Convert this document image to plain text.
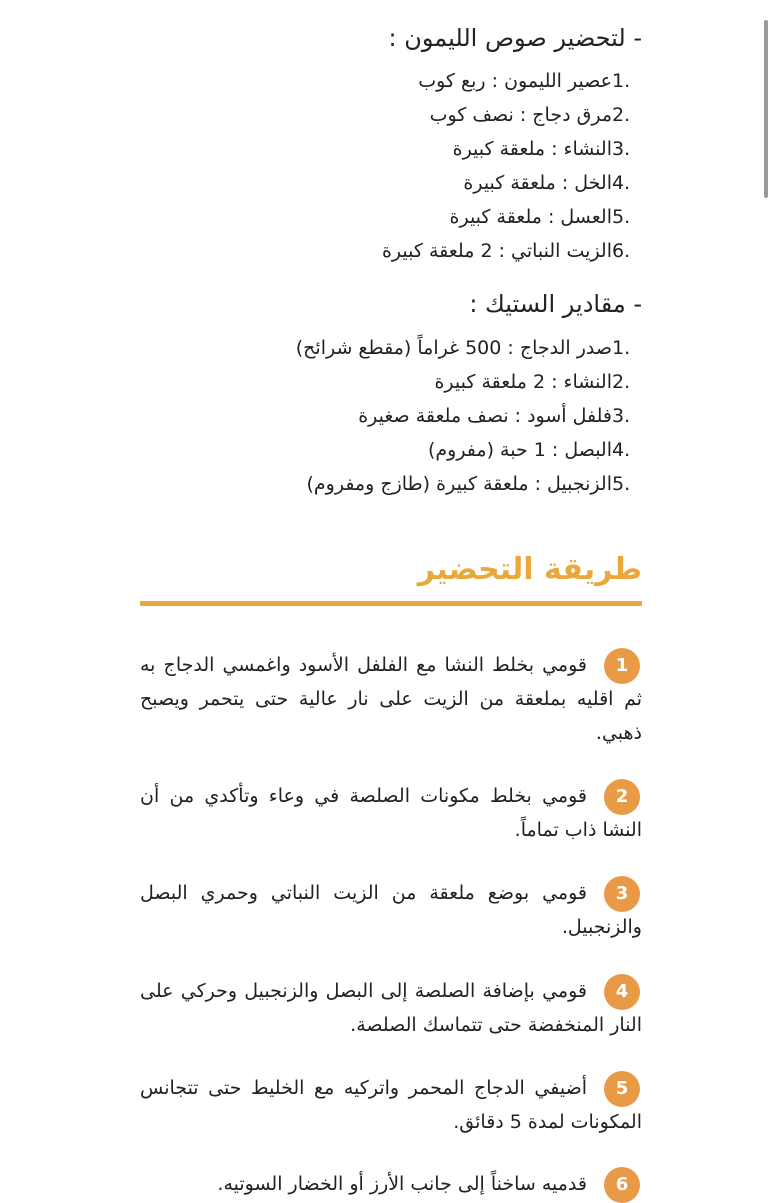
- لتحضير صوص الليمون :
1.
عصير الليمون : ربع كوب
2.
مرق دجاج : نصف كوب
3.
النشاء : ملعقة كبيرة
4.
الخل : ملعقة كبيرة
5.
العسل : ملعقة كبيرة
6.
الزيت النباتي : 2 ملعقة كبيرة
- مقادير الستيك :
1.
صدر الدجاج : 500 غراماً (مقطع شرائح)
2.
النشاء : 2 ملعقة كبيرة
3.
فلفل أسود : نصف ملعقة صغيرة
4.
البصل : 1 حبة (مفروم)
5.
الزنجبيل : ملعقة كبيرة (طازج ومفروم)
طريقة التحضير
1

قومي بخلط النشا مع الفلفل الأسود واغمسي الدجاج به ثم اقليه بملعقة من الزيت على نار عالية حتى يتحمر ويصبح ذهبي.

2

قومي بخلط مكونات الصلصة في وعاء وتأكدي من أن النشا ذاب تماماً.

3

قومي بوضع ملعقة من الزيت النباتي وحمري البصل والزنجبيل.

4

قومي بإضافة الصلصة إلى البصل والزنجبيل وحركي على النار المنخفضة حتى تتماسك الصلصة.

5

أضيفي الدجاج المحمر واتركيه مع الخليط حتى تتجانس المكونات لمدة 5 دقائق.

6

قدميه ساخناً إلى جانب الأرز أو الخضار السوتيه.
